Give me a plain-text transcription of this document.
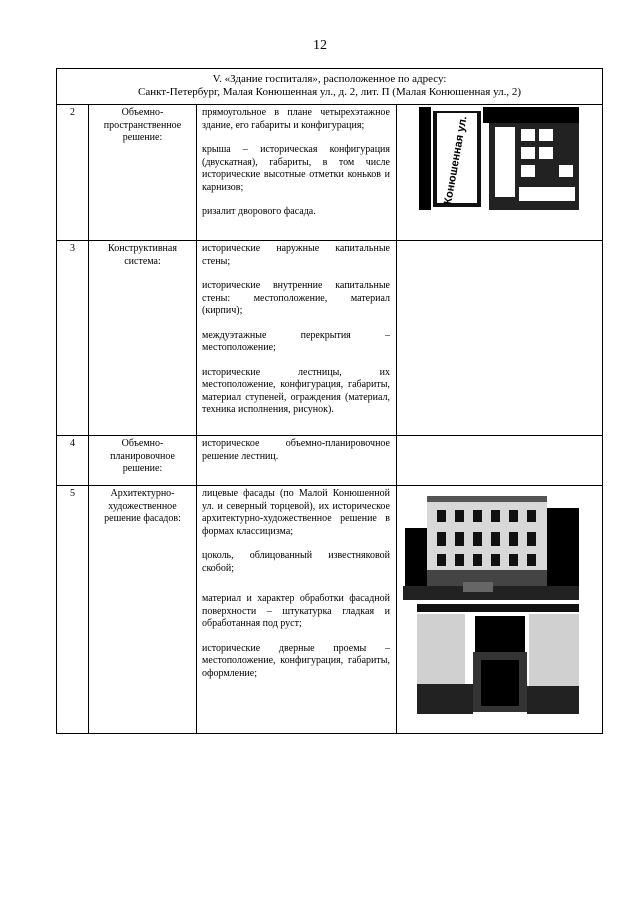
12
V. «Здание госпиталя», расположенное по адресу:
Санкт-Петербург, Малая Конюшенная ул., д. 2, лит. П (Малая Конюшенная ул., 2)			

2	Объемно-пространственное решение:	прямоугольное в плане четырехэтажное здание, его габариты и конфигурация;

крыша – историческая конфигурация (двускатная), габариты, в том числе исторические высотные отметки коньков и карнизов;

ризалит дворового фасада.	Конюшенная ул.

3	Конструктивная система:	исторические наружные капитальные стены;

исторические внутренние капитальные стены: местоположение, материал (кирпич);

междуэтажные перекрытия – местоположение;

исторические лестницы, их местоположение, конфигурация, габариты, материал ступеней, ограждения (материал, техника исполнения, рисунок).	

4	Объемно-планировочное решение:	историческое объемно-планировочное решение лестниц.	

5	Архитектурно-художественное решение фасадов:	лицевые фасады (по Малой Конюшенной ул. и северный торцевой), их историческое архитектурно-художественное решение в формах классицизма;

цоколь, облицованный известняковой скобой;

материал и характер обработки фасадной поверхности – штукатурка гладкая и обработанная под руст;

исторические дверные проемы – местоположение, конфигурация, габариты, оформление;
